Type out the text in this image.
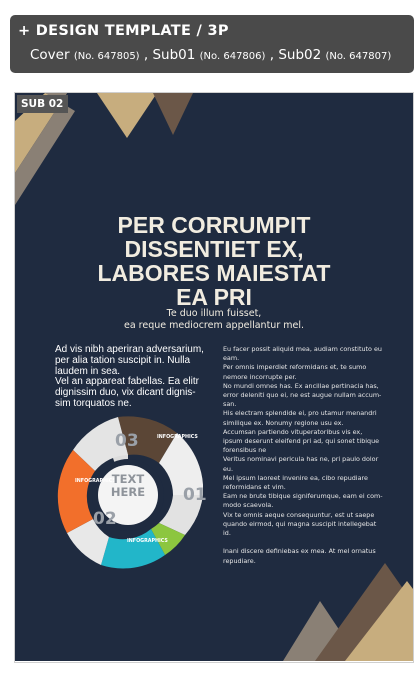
+ DESIGN TEMPLATE / 3P
Cover (No. 647805) , Sub01 (No. 647806) , Sub02 (No. 647807)
SUB 02
PER CORRUMPIT
DISSENTIET EX,
LABORES MAIESTAT
EA PRI
Te duo illum fuisset,
ea reque mediocrem appellantur mel.
Ad vis nibh aperiran adversarium,
per alia tation suscipit in. Nulla
laudem in sea.
Vel an appareat fabellas. Ea elitr
dignissim duo, vix dicant dignis-
sim torquatos ne.
Eu facer possit aliquid mea, audiam constituto eu
eam.
Per omnis imperdiet reformidans et, te sumo
nemore incorrupte per.
No mundi omnes has. Ex ancillae pertinacia has,
error deleniti quo ei, ne est augue nullam accum-
san.
His electram splendide ei, pro utamur menandri
similique ex. Nonumy regione usu ex.
Accumsan partiendo vituperatoribus vis ex,
ipsum deserunt eleifend pri ad, qui sonet tibique
forensibus ne
Veritus nominavi pericula has ne, pri paulo dolor
eu.
Mel ipsum laoreet invenire ea, cibo repudiare
reformidans et vim.
Eam ne brute tibique signiferumque, eam ei com-
modo scaevola.
Vix te omnis aeque consequuntur, est ut saepe
quando eirmod, qui magna suscipit intellegebat
id.

Inani discere definiebas ex mea. At mel ornatus
repudiare.
03	INFOGRAPHICS
INFOGRAPHICS
01
INFOGRAPHICS
02
TEXT
HERE
